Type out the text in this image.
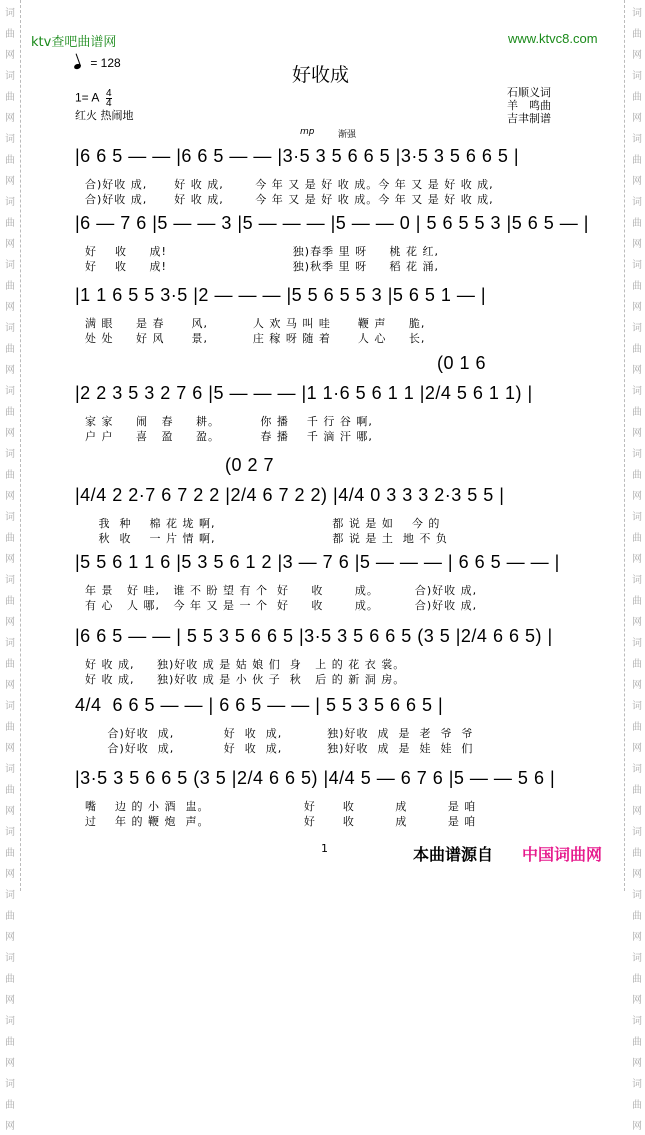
词
曲
网
词
曲
网
词
曲
网
词
曲
网
词
曲
网
词
曲
网
词
曲
网
词
曲
网
词
曲
网
词
曲
网
词
曲
网
词
曲
网
词
曲
网
词
曲
网
词
曲
网
词
曲
网
词
曲
网
词
曲
网
词
曲
网
词
曲
网
词
曲
网
词
曲
网
词
曲
网
词
曲
网
词
曲
网
词
曲
网
词
曲
网
词
曲
网
词
曲
网
词
曲
网
词
曲
网
词
曲
网
词
曲
网
词
曲
网
词
曲
网
词
曲
网
ktv查吧曲谱网	www.ktvc8.com
= 128
好收成
1= A $\frac{4}{4}$
红火 热闹地
石顺义词
羊　鸣曲
吉聿制谱
mp	渐强
|6 6 5 — — |6 6 5 — — |3·5 3 5 6 6 5 |3·5 3 5 6 6 5 |
合)好收 成,      好 收 成,       今 年 又 是 好 收 成。今 年 又 是 好 收 成,
合)好收 成,      好 收 成,       今 年 又 是 好 收 成。今 年 又 是 好 收 成,
|6 — 7 6 |5 — — 3 |5 — — — |5 — — 0 | 5 6 5 5 3 |5 6 5 — |
好    收     成!                            独)春季 里 呀     桃 花 红,
好    收     成!                            独)秋季 里 呀     稻 花 涌,
|1 1 6 5 5 3·5 |2 — — — |5 5 6 5 5 3 |5 6 5 1 — |
满 眼     是 春      风,          人 欢 马 叫 哇      鞭 声     脆,
处 处     好 风      景,          庄 稼 呀 随 着      人 心     长,
(0 1 6
|2 2 3 5 3 2 7 6 |5 — — — |1 1·6 5 6 1 1 |2/4 5 6 1 1) |
家 家     闹   春     耕。         你 播    千 行 谷 啊,
户 户     喜   盈     盈。         春 播    千 滴 汗 哪,
(0 2 7
|4/4 2 2·7 6 7 2 2 |2/4 6 7 2 2) |4/4 0 3 3 3 2·3 5 5 |
我  种    棉 花 垅 啊,                          都 说 是 如    今 的
秋  收    一 片 情 啊,                          都 说 是 土  地 不 负
|5 5 6 1 1 6 |5 3 5 6 1 2 |3 — 7 6 |5 — — — | 6 6 5 — — |
年 景   好 哇,   谁 不 盼 望 有 个  好     收       成。        合)好收 成,
有 心   人 哪,   今 年 又 是 一 个  好     收       成。        合)好收 成,
|6 6 5 — — | 5 5 3 5 6 6 5 |3·5 3 5 6 6 5 (3 5 |2/4 6 6 5) |
好 收 成,     独)好收 成 是 姑 娘 们  身   上 的 花 衣 裳。
好 收 成,     独)好收 成 是 小 伙 子  秋   后 的 新 洞 房。
4/4  6 6 5 — — | 6 6 5 — — | 5 5 3 5 6 6 5 |
合)好收  成,           好  收  成,          独)好收  成  是  老  爷  爷
合)好收  成,           好  收  成,          独)好收  成  是  娃  娃  们
|3·5 3 5 6 6 5 (3 5 |2/4 6 6 5) |4/4 5 — 6 7 6 |5 — — 5 6 |
嘴    边 的 小 酒  盅。                     好      收         成         是 咱
过    年 的 鞭 炮  声。                     好      收         成         是 咱
1	本曲谱源自 中国词曲网
